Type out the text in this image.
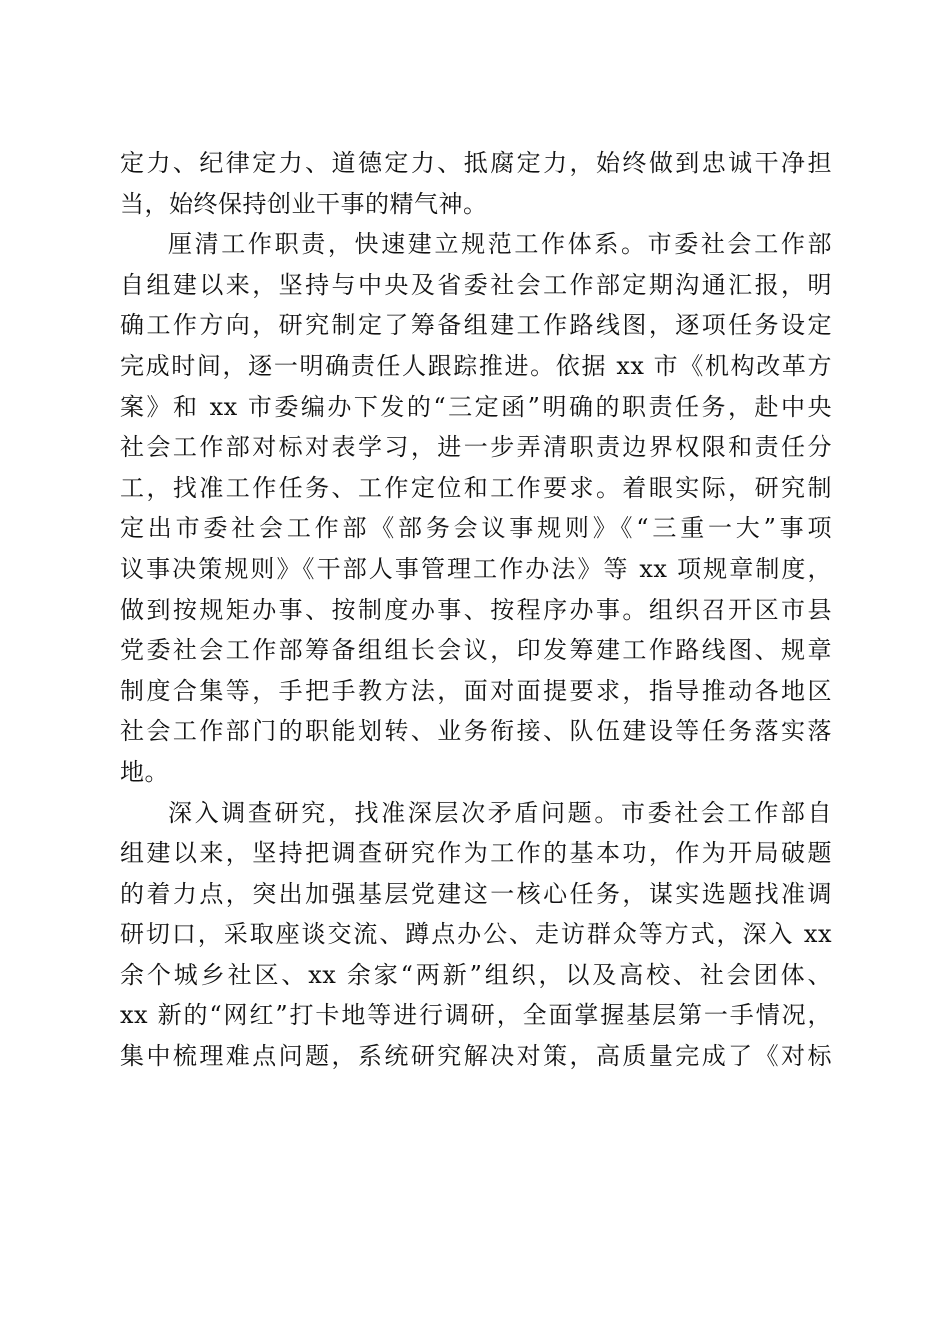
定力、纪律定力、道德定力、抵腐定力，始终做到忠诚干净担
当，始终保持创业干事的精气神。
厘清工作职责，快速建立规范工作体系。市委社会工作部
自组建以来，坚持与中央及省委社会工作部定期沟通汇报，明
确工作方向，研究制定了筹备组建工作路线图，逐项任务设定
完成时间，逐一明确责任人跟踪推进。依据 xx 市《机构改革方
案》和 xx 市委编办下发的“三定函”明确的职责任务，赴中央
社会工作部对标对表学习，进一步弄清职责边界权限和责任分
工，找准工作任务、工作定位和工作要求。着眼实际，研究制
定出市委社会工作部《部务会议事规则》《“三重一大”事项
议事决策规则》《干部人事管理工作办法》等 xx 项规章制度，
做到按规矩办事、按制度办事、按程序办事。组织召开区市县
党委社会工作部筹备组组长会议，印发筹建工作路线图、规章
制度合集等，手把手教方法，面对面提要求，指导推动各地区
社会工作部门的职能划转、业务衔接、队伍建设等任务落实落
地。
深入调查研究，找准深层次矛盾问题。市委社会工作部自
组建以来，坚持把调查研究作为工作的基本功，作为开局破题
的着力点，突出加强基层党建这一核心任务，谋实选题找准调
研切口，采取座谈交流、蹲点办公、走访群众等方式，深入 xx
余个城乡社区、xx 余家“两新”组织，以及高校、社会团体、
xx 新的“网红”打卡地等进行调研，全面掌握基层第一手情况，
集中梳理难点问题，系统研究解决对策，高质量完成了《对标
